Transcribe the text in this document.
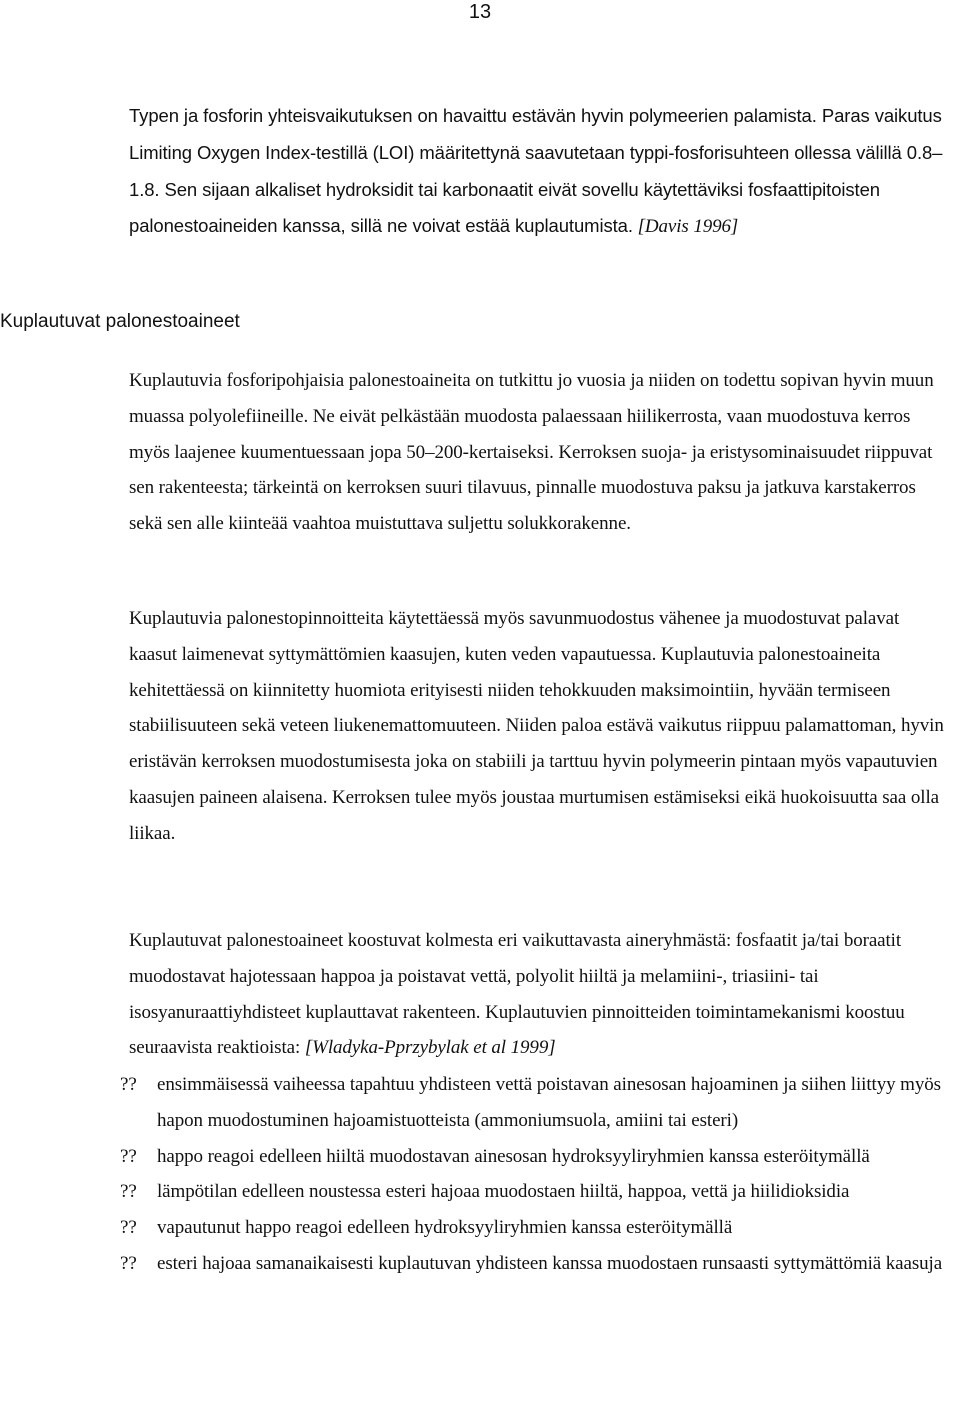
13

Typen ja fosforin yhteisvaikutuksen on havaittu estävän hyvin polymeerien palamista. Paras vaikutus Limiting Oxygen Index-testillä (LOI) määritettynä saavutetaan typpi-fosforisuhteen ollessa välillä 0.8–1.8. Sen sijaan alkaliset hydroksidit tai karbonaatit eivät sovellu käytettäviksi fosfaattipitoisten palonestoaineiden kanssa, sillä ne voivat estää kuplautumista. [Davis 1996]

Kuplautuvat palonestoaineet

Kuplautuvia fosforipohjaisia palonestoaineita on tutkittu jo vuosia ja niiden on todettu sopivan hyvin muun muassa polyolefiineille. Ne eivät pelkästään muodosta palaessaan hiilikerrosta, vaan muodostuva kerros myös laajenee kuumentuessaan jopa 50–200-kertaiseksi. Kerroksen suoja- ja eristysominaisuudet riippuvat sen rakenteesta; tärkeintä on kerroksen suuri tilavuus, pinnalle muodostuva paksu ja jatkuva karstakerros sekä sen alle kiinteää vaahtoa muistuttava suljettu solukkorakenne.

Kuplautuvia palonestopinnoitteita käytettäessä myös savunmuodostus vähenee ja muodostuvat palavat kaasut laimenevat syttymättömien kaasujen, kuten veden vapautuessa. Kuplautuvia palonestoaineita kehitettäessä on kiinnitetty huomiota erityisesti niiden tehokkuuden maksimointiin, hyvään termiseen stabiilisuuteen sekä veteen liukenemattomuuteen. Niiden paloa estävä vaikutus riippuu palamattoman, hyvin eristävän kerroksen muodostumisesta joka on stabiili ja tarttuu hyvin polymeerin pintaan myös vapautuvien kaasujen paineen alaisena. Kerroksen tulee myös joustaa murtumisen estämiseksi eikä huokoisuutta saa olla liikaa.

Kuplautuvat palonestoaineet koostuvat kolmesta eri vaikuttavasta aineryhmästä: fosfaatit ja/tai boraatit muodostavat hajotessaan happoa ja poistavat vettä, polyolit hiiltä ja melamiini-, triasiini- tai isosyanuraattiyhdisteet kuplauttavat rakenteen. Kuplautuvien pinnoitteiden toimintamekanismi koostuu seuraavista reaktioista: [Wladyka-Pprzybylak et al 1999]

??	ensimmäisessä vaiheessa tapahtuu yhdisteen vettä poistavan ainesosan hajoaminen ja siihen liittyy myös hapon muodostuminen hajoamistuotteista (ammoniumsuola, amiini tai esteri)
??	happo reagoi edelleen hiiltä muodostavan ainesosan hydroksyyliryhmien kanssa esteröitymällä
??	lämpötilan edelleen noustessa esteri hajoaa muodostaen hiiltä, happoa, vettä ja hiilidioksidia
??	vapautunut happo reagoi edelleen hydroksyyliryhmien kanssa esteröitymällä
??	esteri hajoaa samanaikaisesti kuplautuvan yhdisteen kanssa muodostaen runsaasti syttymättömiä kaasuja
